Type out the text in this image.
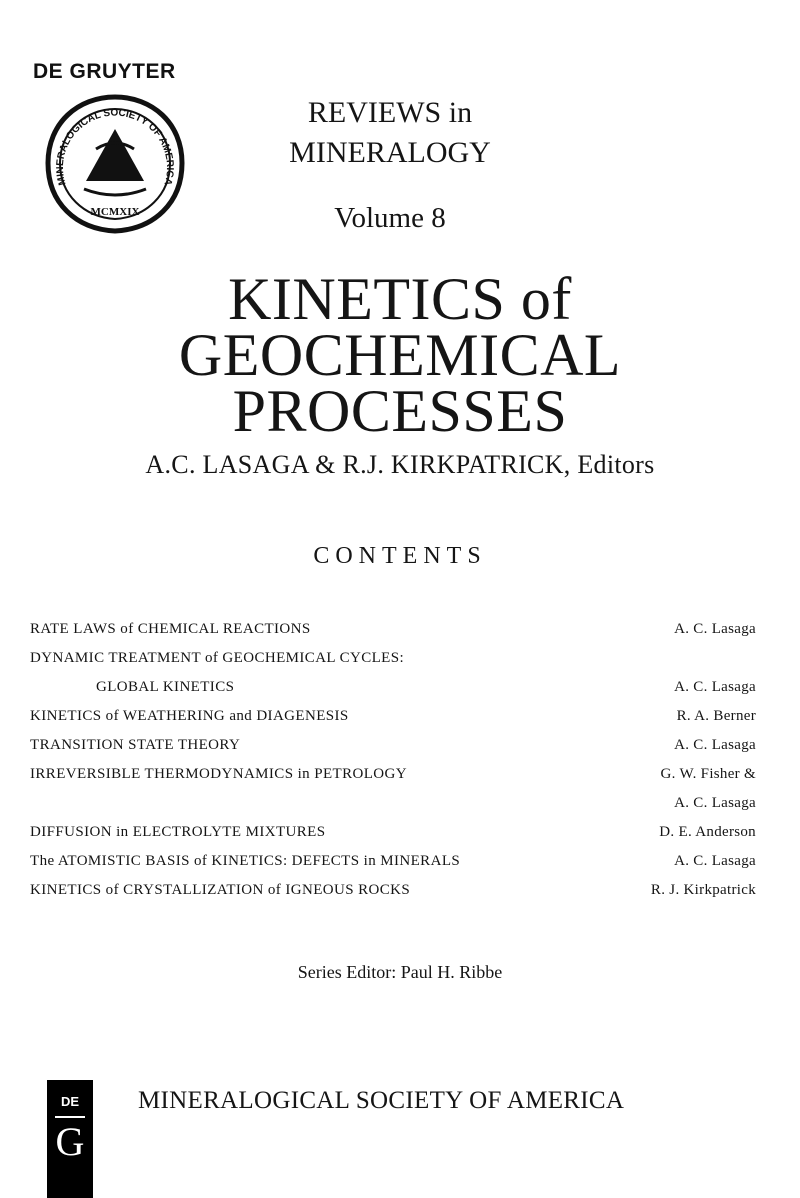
DE GRUYTER
MINERALOGICAL SOCIETY OF AMERICA
MCMXIX
REVIEWS in
MINERALOGY
Volume 8
KINETICS of
GEOCHEMICAL
PROCESSES
A.C. LASAGA & R.J. KIRKPATRICK, Editors
CONTENTS
RATE LAWS of CHEMICAL REACTIONS	A. C. Lasaga
DYNAMIC TREATMENT of GEOCHEMICAL CYCLES:
GLOBAL KINETICS	A. C. Lasaga
KINETICS of WEATHERING and DIAGENESIS	R. A. Berner
TRANSITION STATE THEORY	A. C. Lasaga
IRREVERSIBLE THERMODYNAMICS in PETROLOGY	G. W. Fisher &
A. C. Lasaga
DIFFUSION in ELECTROLYTE MIXTURES	D. E. Anderson
The ATOMISTIC BASIS of KINETICS: DEFECTS in MINERALS	A. C. Lasaga
KINETICS of CRYSTALLIZATION of IGNEOUS ROCKS	R. J. Kirkpatrick
Series Editor: Paul H. Ribbe
DE
G
MINERALOGICAL SOCIETY OF AMERICA
